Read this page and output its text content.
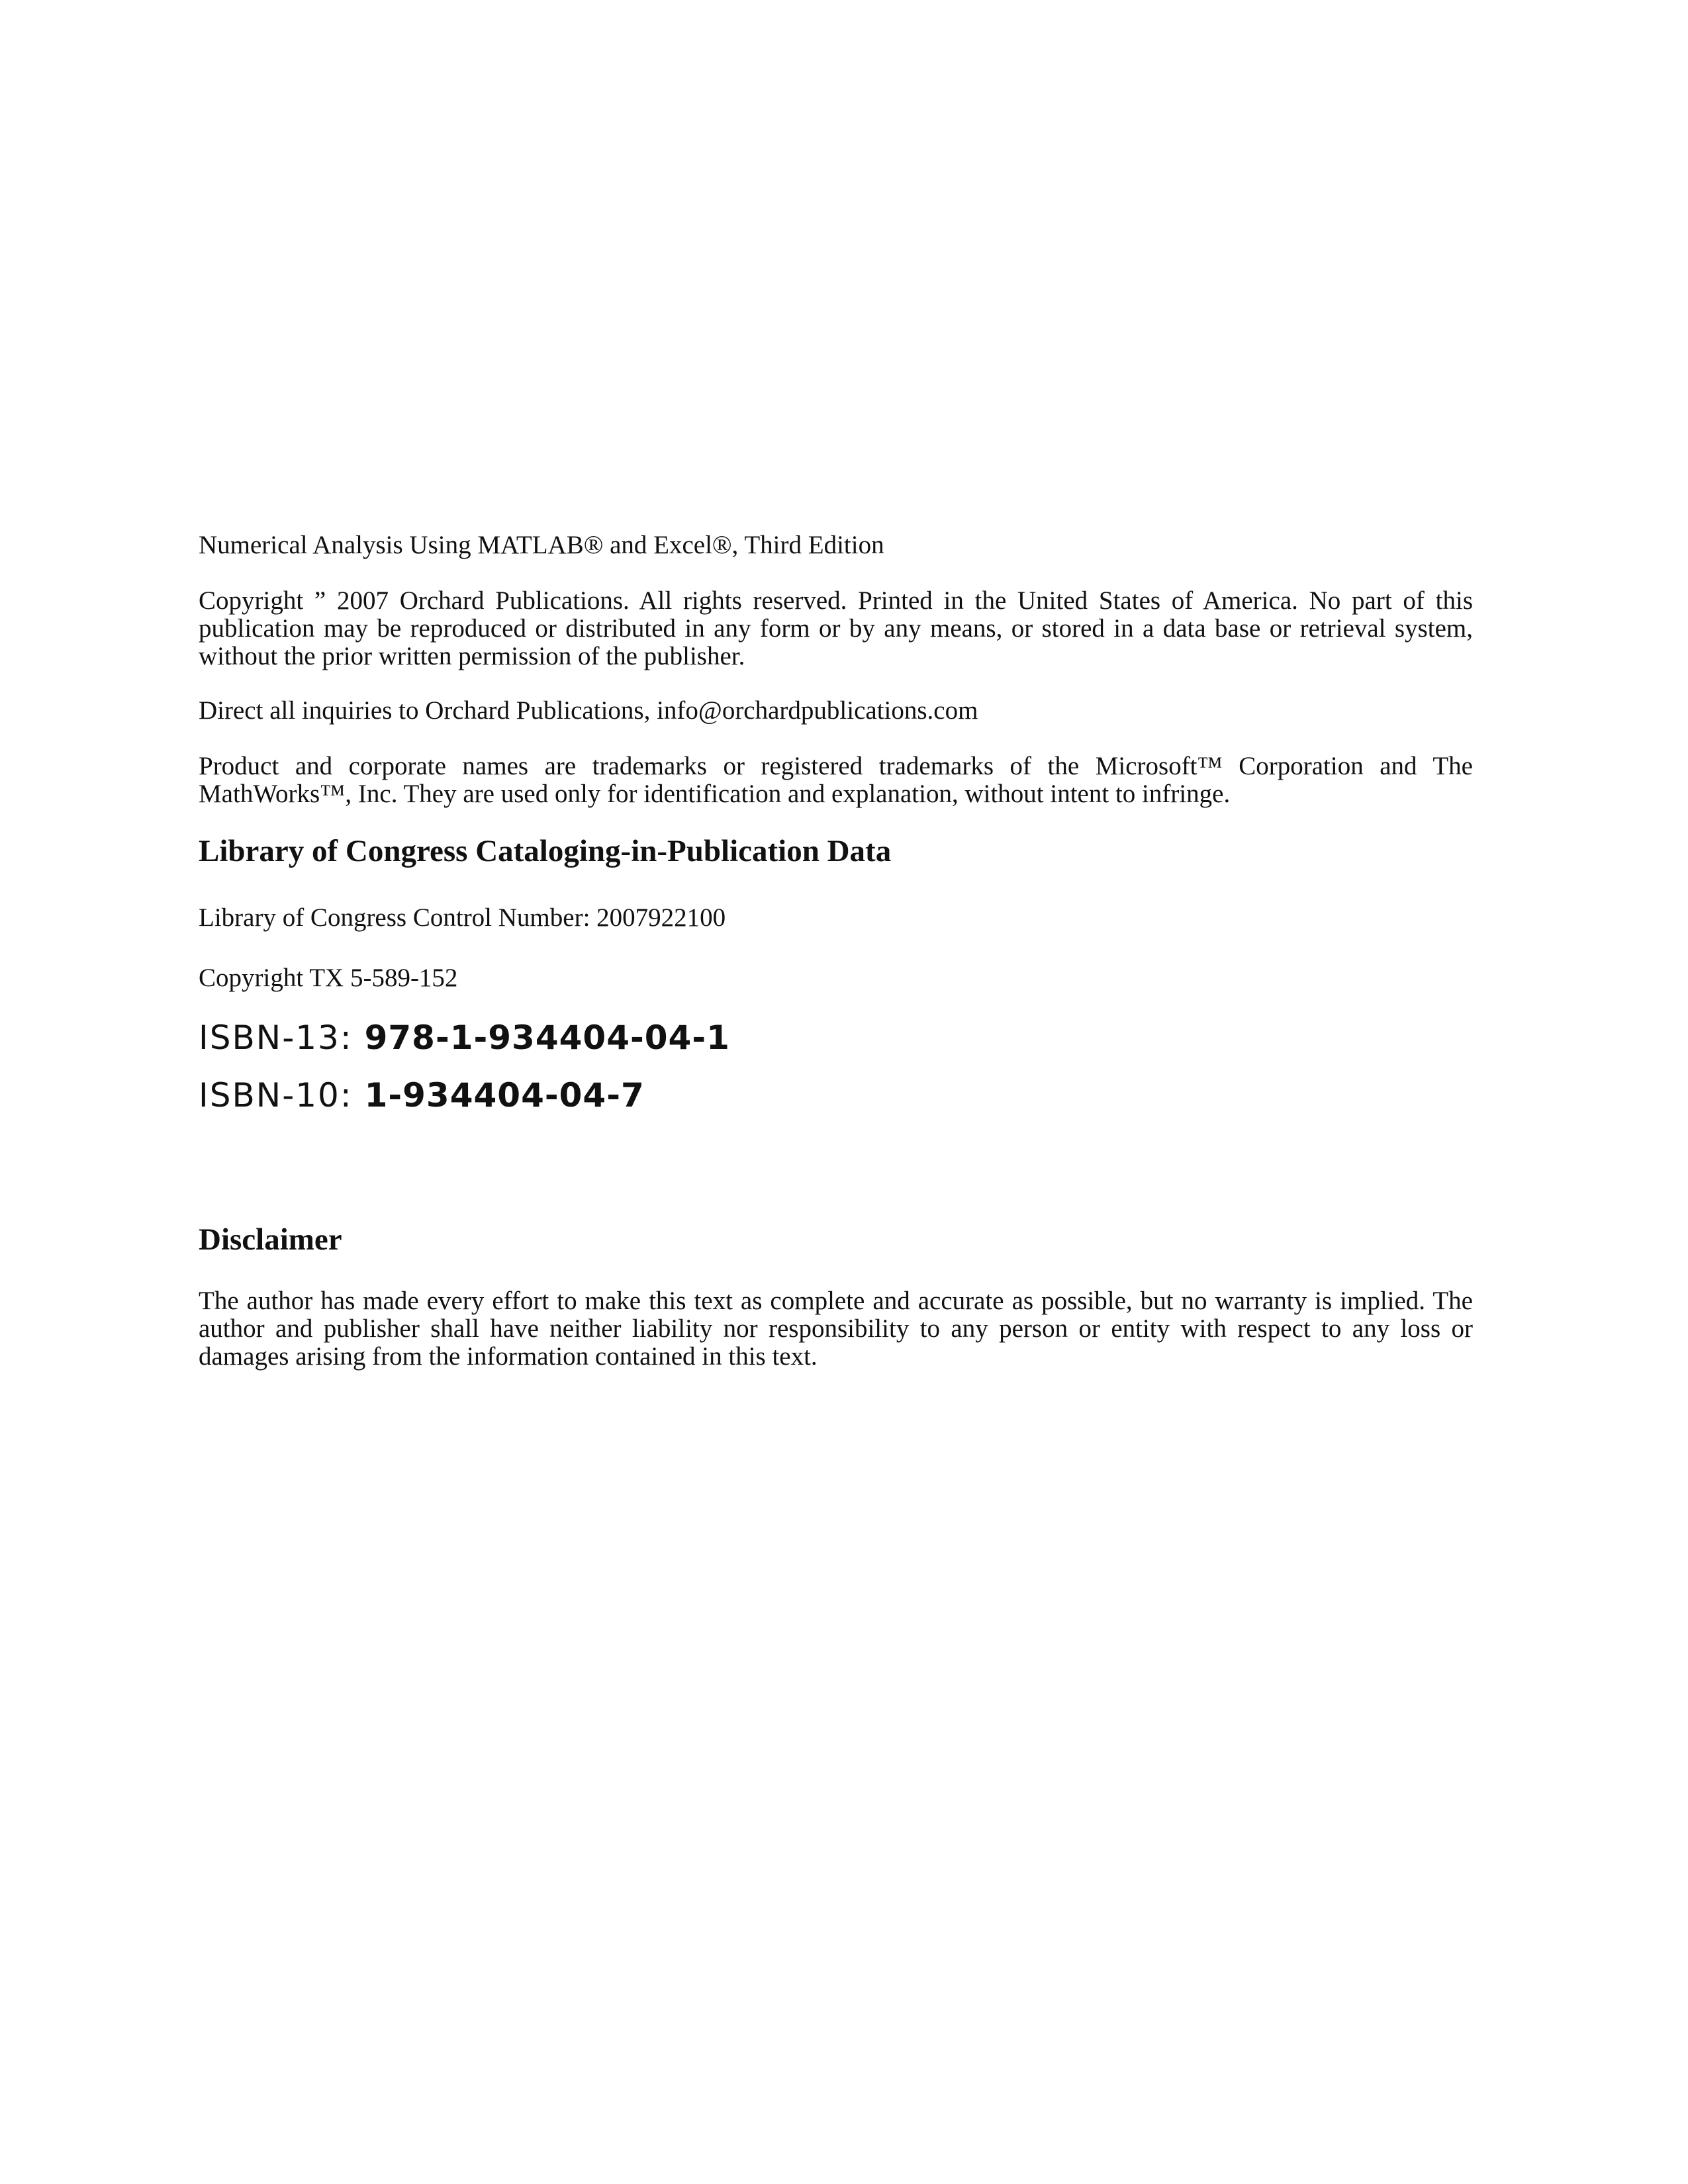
Numerical Analysis Using MATLAB® and Excel®, Third Edition

Copyright ” 2007 Orchard Publications. All rights reserved. Printed in the United States of America. No part of this publication may be reproduced or distributed in any form or by any means, or stored in a data base or retrieval system, without the prior written permission of the publisher.

Direct all inquiries to Orchard Publications, info@orchardpublications.com

Product and corporate names are trademarks or registered trademarks of the Microsoft™ Corporation and The MathWorks™, Inc. They are used only for identification and explanation, without intent to infringe.

Library of Congress Cataloging-in-Publication Data

Library of Congress Control Number: 2007922100

Copyright TX 5-589-152

ISBN-13: 978-1-934404-04-1

ISBN-10: 1-934404-04-7

Disclaimer

The author has made every effort to make this text as complete and accurate as possible, but no warranty is implied. The author and publisher shall have neither liability nor responsibility to any person or entity with respect to any loss or damages arising from the information contained in this text.
